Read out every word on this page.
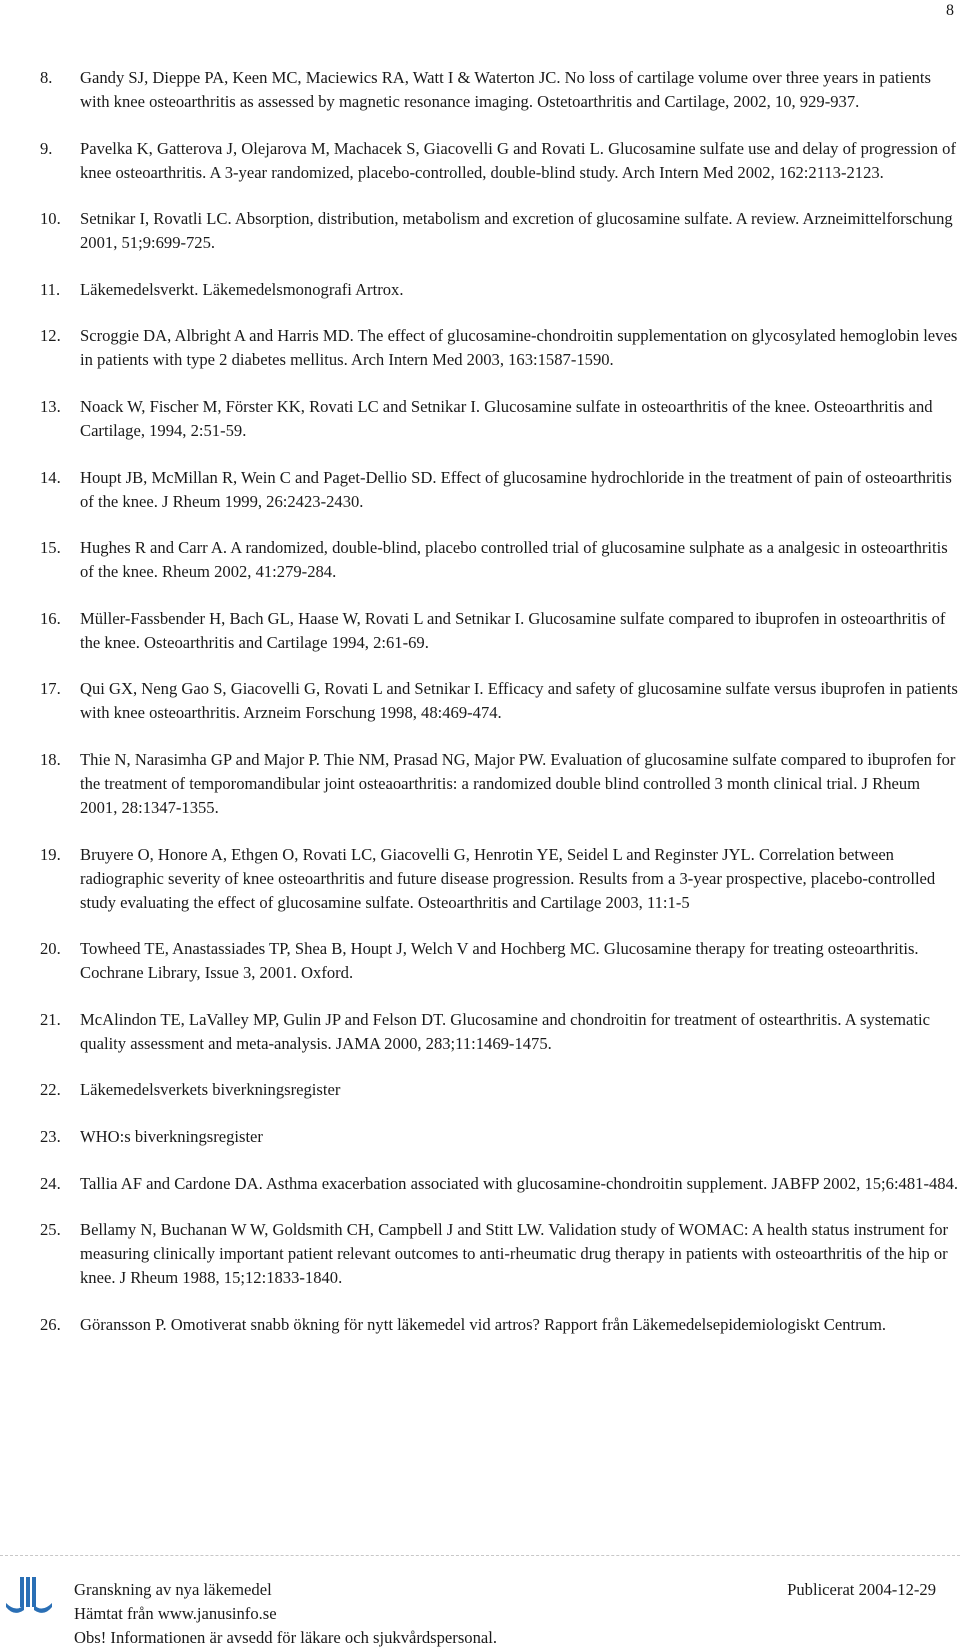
8
8. Gandy SJ, Dieppe PA, Keen MC, Maciewics RA, Watt I & Waterton JC. No loss of cartilage volume over three years in patients with knee osteoarthritis as assessed by magnetic resonance imaging. Ostetoarthritis and Cartilage, 2002, 10, 929-937.
9. Pavelka K, Gatterova J, Olejarova M, Machacek S, Giacovelli G and Rovati L. Glucosamine sulfate use and delay of progression of knee osteoarthritis. A 3-year randomized, placebo-controlled, double-blind study. Arch Intern Med 2002, 162:2113-2123.
10. Setnikar I, Rovatli LC. Absorption, distribution, metabolism and excretion of glucosamine sulfate. A review. Arzneimittelforschung 2001, 51;9:699-725.
11. Läkemedelsverkt. Läkemedelsmonografi Artrox.
12. Scroggie DA, Albright A and Harris MD. The effect of glucosamine-chondroitin supplementation on glycosylated hemoglobin leves in patients with type 2 diabetes mellitus. Arch Intern Med 2003, 163:1587-1590.
13. Noack W, Fischer M, Förster KK, Rovati LC and Setnikar I. Glucosamine sulfate in osteoarthritis of the knee. Osteoarthritis and Cartilage, 1994, 2:51-59.
14. Houpt JB, McMillan R, Wein C and Paget-Dellio SD. Effect of glucosamine hydrochloride in the treatment of pain of osteoarthritis of the knee. J Rheum 1999, 26:2423-2430.
15. Hughes R and Carr A. A randomized, double-blind, placebo controlled trial of glucosamine sulphate as a analgesic in osteoarthritis of the knee. Rheum 2002, 41:279-284.
16. Müller-Fassbender H, Bach GL, Haase W, Rovati L and Setnikar I. Glucosamine sulfate compared to ibuprofen in osteoarthritis of the knee. Osteoarthritis and Cartilage 1994, 2:61-69.
17. Qui GX, Neng Gao S, Giacovelli G, Rovati L and Setnikar I. Efficacy and safety of glucosamine sulfate versus ibuprofen in patients with knee osteoarthritis. Arzneim Forschung 1998, 48:469-474.
18. Thie N, Narasimha GP and Major P. Thie NM, Prasad NG, Major PW. Evaluation of glucosamine sulfate compared to ibuprofen for the treatment of temporomandibular joint osteaoarthritis: a randomized double blind controlled 3 month clinical trial. J Rheum 2001, 28:1347-1355.
19. Bruyere O, Honore A, Ethgen O, Rovati LC, Giacovelli G, Henrotin YE, Seidel L and Reginster JYL. Correlation between radiographic severity of knee osteoarthritis and future disease progression. Results from a 3-year prospective, placebo-controlled study evaluating the effect of glucosamine sulfate. Osteoarthritis and Cartilage 2003, 11:1-5
20. Towheed TE, Anastassiades TP, Shea B, Houpt J, Welch V and Hochberg MC. Glucosamine therapy for treating osteoarthritis. Cochrane Library, Issue 3, 2001. Oxford.
21. McAlindon TE, LaValley MP, Gulin JP and Felson DT. Glucosamine and chondroitin for treatment of ostearthritis. A systematic quality assessment and meta-analysis. JAMA 2000, 283;11:1469-1475.
22. Läkemedelsverkets biverkningsregister
23. WHO:s biverkningsregister
24. Tallia AF and Cardone DA. Asthma exacerbation associated with glucosamine-chondroitin supplement. JABFP 2002, 15;6:481-484.
25. Bellamy N, Buchanan W W, Goldsmith CH, Campbell J and Stitt LW. Validation study of WOMAC: A health status instrument for measuring clinically important patient relevant outcomes to anti-rheumatic drug therapy in patients with osteoarthritis of the hip or knee. J Rheum 1988, 15;12:1833-1840.
26. Göransson P. Omotiverat snabb ökning för nytt läkemedel vid artros? Rapport från Läkemedelsepidemiologiskt Centrum.
Granskning av nya läkemedel
Hämtat från www.janusinfo.se
Obs! Informationen är avsedd för läkare och sjukvårdspersonal.
Publicerat 2004-12-29
